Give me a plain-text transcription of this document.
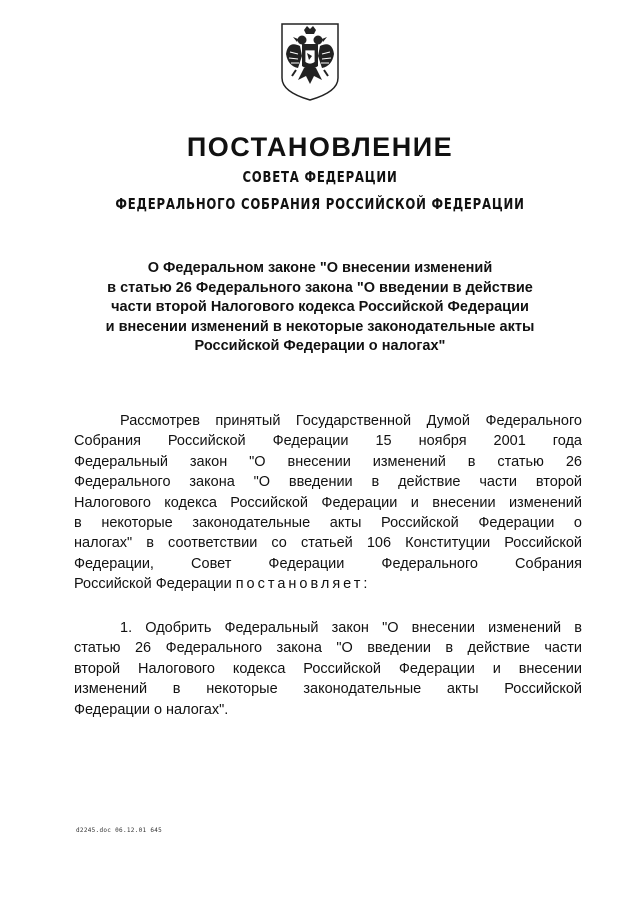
ПОСТАНОВЛЕНИЕ
СОВЕТА ФЕДЕРАЦИИ
ФЕДЕРАЛЬНОГО СОБРАНИЯ РОССИЙСКОЙ ФЕДЕРАЦИИ
О Федеральном законе "О внесении изменений
в статью 26 Федерального закона "О введении в действие
части второй Налогового кодекса Российской Федерации
и внесении изменений в некоторые законодательные акты
Российской Федерации о налогах"
Рассмотрев принятый Государственной Думой Федерального
Собрания Российской Федерации 15 ноября 2001 года
Федеральный закон "О внесении изменений в статью 26
Федерального закона "О введении в действие части второй
Налогового кодекса Российской Федерации и внесении изменений
в некоторые законодательные акты Российской Федерации о
налогах" в соответствии со статьей 106 Конституции Российской
Федерации, Совет Федерации Федерального Собрания
Российской Федерации постановляет:
1. Одобрить Федеральный закон "О внесении изменений в
статью 26 Федерального закона "О введении в действие части
второй Налогового кодекса Российской Федерации и внесении
изменений в некоторые законодательные акты Российской
Федерации о налогах".
d2245.doc 06.12.01 645
